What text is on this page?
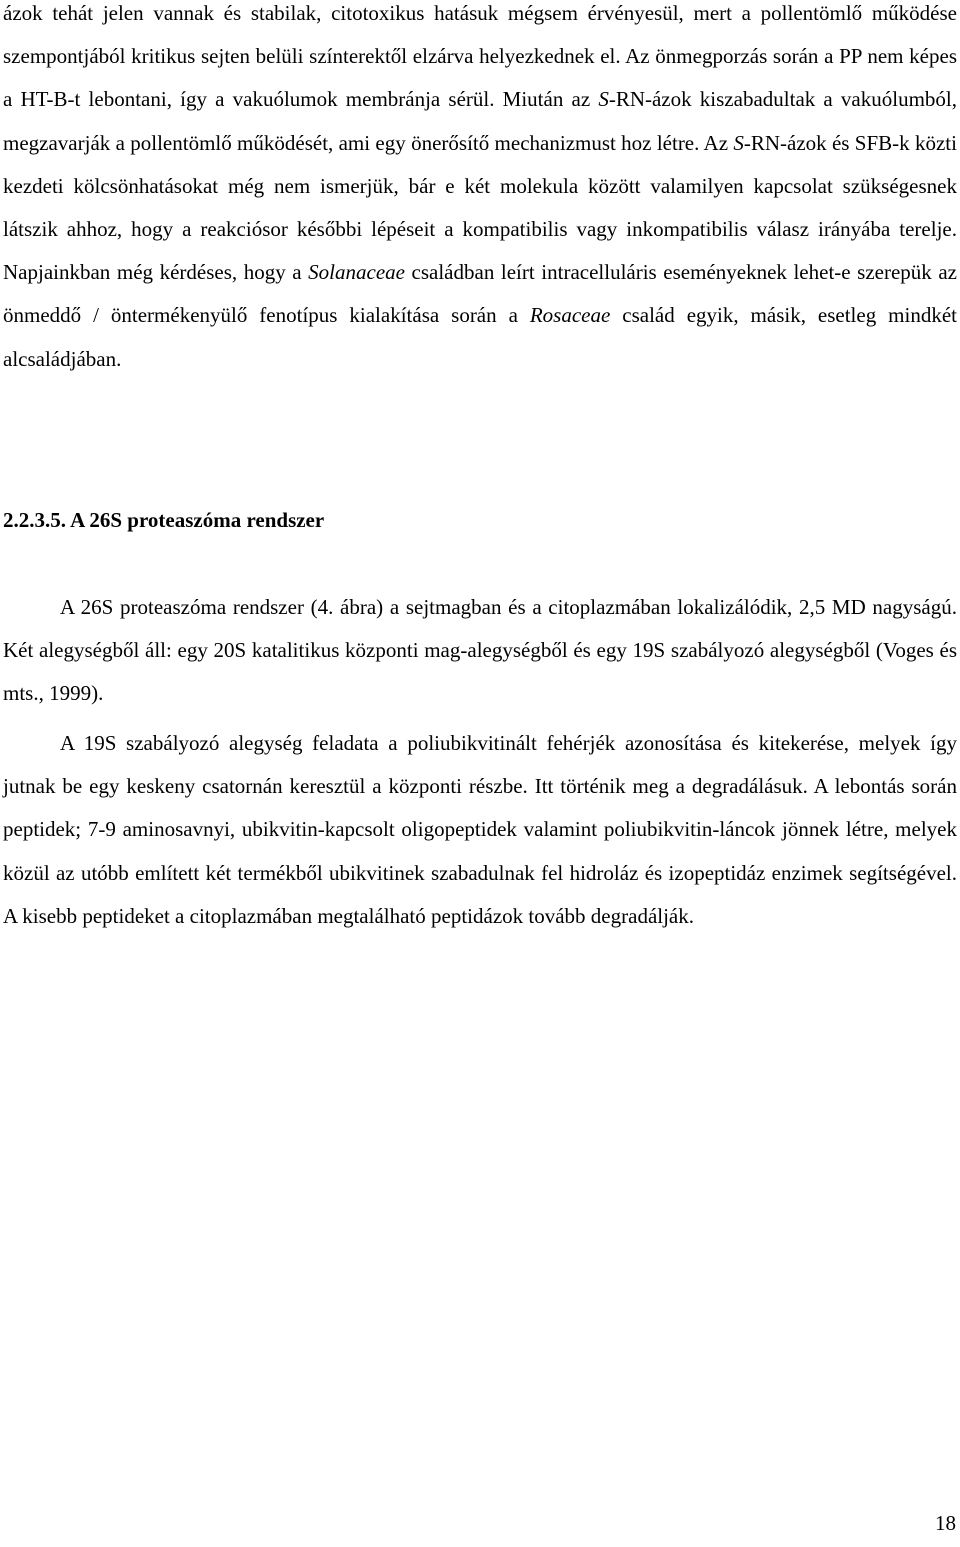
ázok tehát jelen vannak és stabilak, citotoxikus hatásuk mégsem érvényesül, mert a pollentömlő működése szempontjából kritikus sejten belüli színterektől elzárva helyezkednek el. Az önmegporzás során a PP nem képes a HT-B-t lebontani, így a vakuólumok membránja sérül. Miután az S-RN-ázok kiszabadultak a vakuólumból, megzavarják a pollentömlő működését, ami egy önerősítő mechanizmust hoz létre. Az S-RN-ázok és SFB-k közti kezdeti kölcsönhatásokat még nem ismerjük, bár e két molekula között valamilyen kapcsolat szükségesnek látszik ahhoz, hogy a reakciósor későbbi lépéseit a kompatibilis vagy inkompatibilis válasz irányába terelje. Napjainkban még kérdéses, hogy a Solanaceae családban leírt intracelluláris eseményeknek lehet-e szerepük az önmeddő / öntermékenyülő fenotípus kialakítása során a Rosaceae család egyik, másik, esetleg mindkét alcsaládjában.

2.2.3.5. A 26S proteaszóma rendszer

A 26S proteaszóma rendszer (4. ábra) a sejtmagban és a citoplazmában lokalizálódik, 2,5 MD nagyságú. Két alegységből áll: egy 20S katalitikus központi mag-alegységből és egy 19S szabályozó alegységből (Voges és mts., 1999).

A 19S szabályozó alegység feladata a poliubikvitinált fehérjék azonosítása és kitekerése, melyek így jutnak be egy keskeny csatornán keresztül a központi részbe. Itt történik meg a degradálásuk. A lebontás során peptidek; 7-9 aminosavnyi, ubikvitin-kapcsolt oligopeptidek valamint poliubikvitin-láncok jönnek létre, melyek közül az utóbb említett két termékből ubikvitinek szabadulnak fel hidroláz és izopeptidáz enzimek segítségével. A kisebb peptideket a citoplazmában megtalálható peptidázok tovább degradálják.

18
